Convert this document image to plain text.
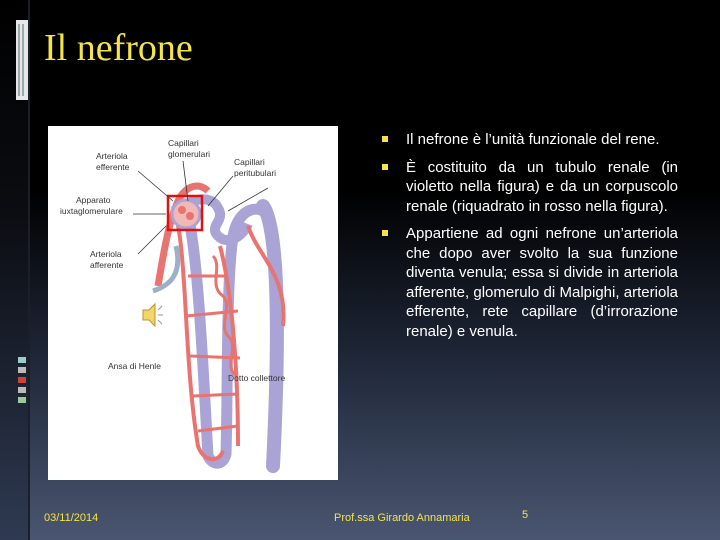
Il nefrone
Arteriola
efferente
Capillari
glomerulari
Capillari
peritubulari
Apparato
iuxtaglomerulare
Arteriola
afferente
Ansa di Henle
Dotto collettore
Il nefrone è l’unità funzionale del rene.
È costituito da un tubulo renale (in violetto nella figura) e da un corpuscolo renale (riquadrato in rosso nella figura).
Appartiene ad ogni nefrone un’arteriola che dopo aver svolto la sua funzione diventa venula; essa si divide in arteriola afferente, glomerulo di Malpighi, arteriola efferente, rete capillare (d’irrorazione renale) e venula.
03/11/2014	Prof.ssa Girardo Annamaria	5
